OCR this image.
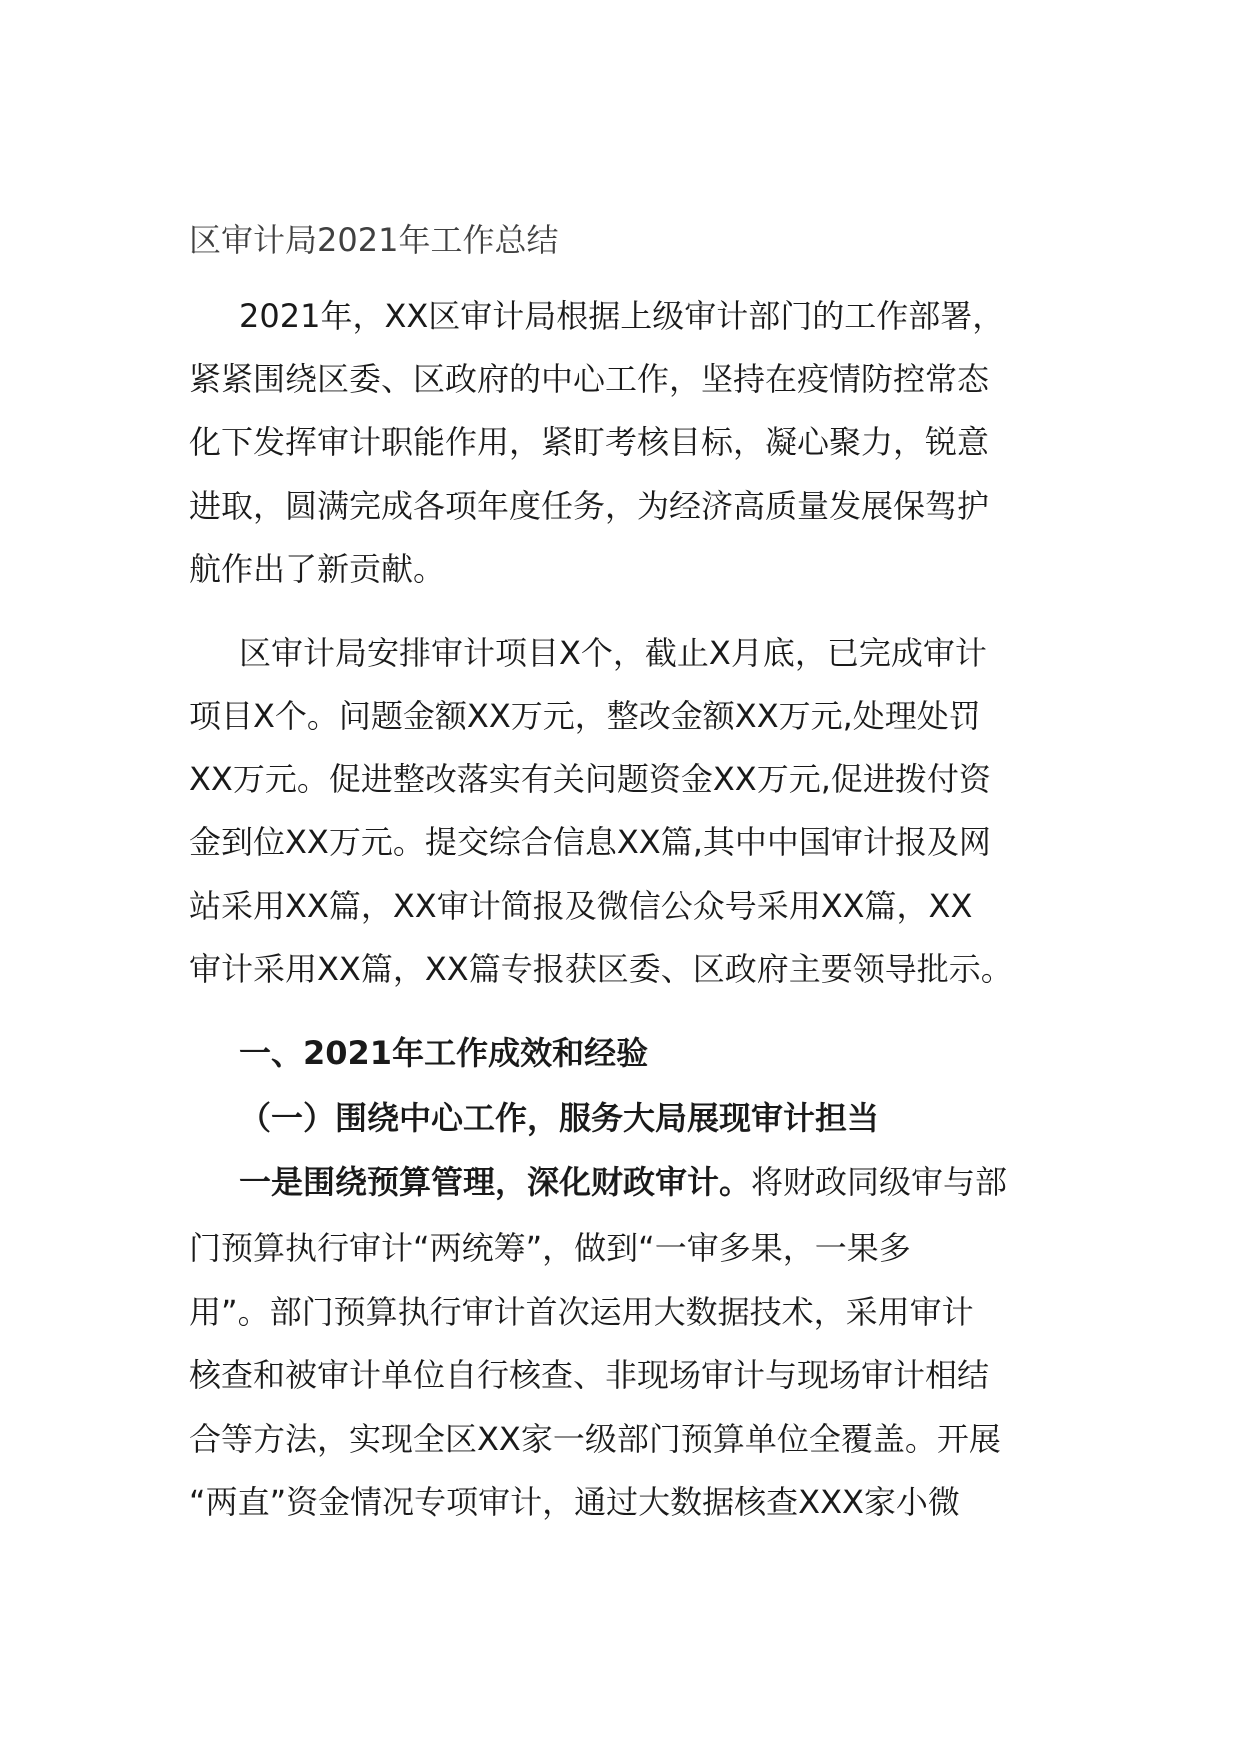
区审计局2021年工作总结
2021年，XX区审计局根据上级审计部门的工作部署，
紧紧围绕区委、区政府的中心工作，坚持在疫情防控常态
化下发挥审计职能作用，紧盯考核目标，凝心聚力，锐意
进取，圆满完成各项年度任务，为经济高质量发展保驾护
航作出了新贡献。
区审计局安排审计项目X个，截止X月底，已完成审计
项目X个。问题金额XX万元，整改金额XX万元,处理处罚
XX万元。促进整改落实有关问题资金XX万元,促进拨付资
金到位XX万元。提交综合信息XX篇,其中中国审计报及网
站采用XX篇，XX审计简报及微信公众号采用XX篇，XX
审计采用XX篇，XX篇专报获区委、区政府主要领导批示。
一、2021年工作成效和经验
（一）围绕中心工作，服务大局展现审计担当
一是围绕预算管理，深化财政审计。将财政同级审与部
门预算执行审计“两统筹”，做到“一审多果，一果多
用”。部门预算执行审计首次运用大数据技术，采用审计
核查和被审计单位自行核查、非现场审计与现场审计相结
合等方法，实现全区XX家一级部门预算单位全覆盖。开展
“两直”资金情况专项审计，通过大数据核查XXX家小微
